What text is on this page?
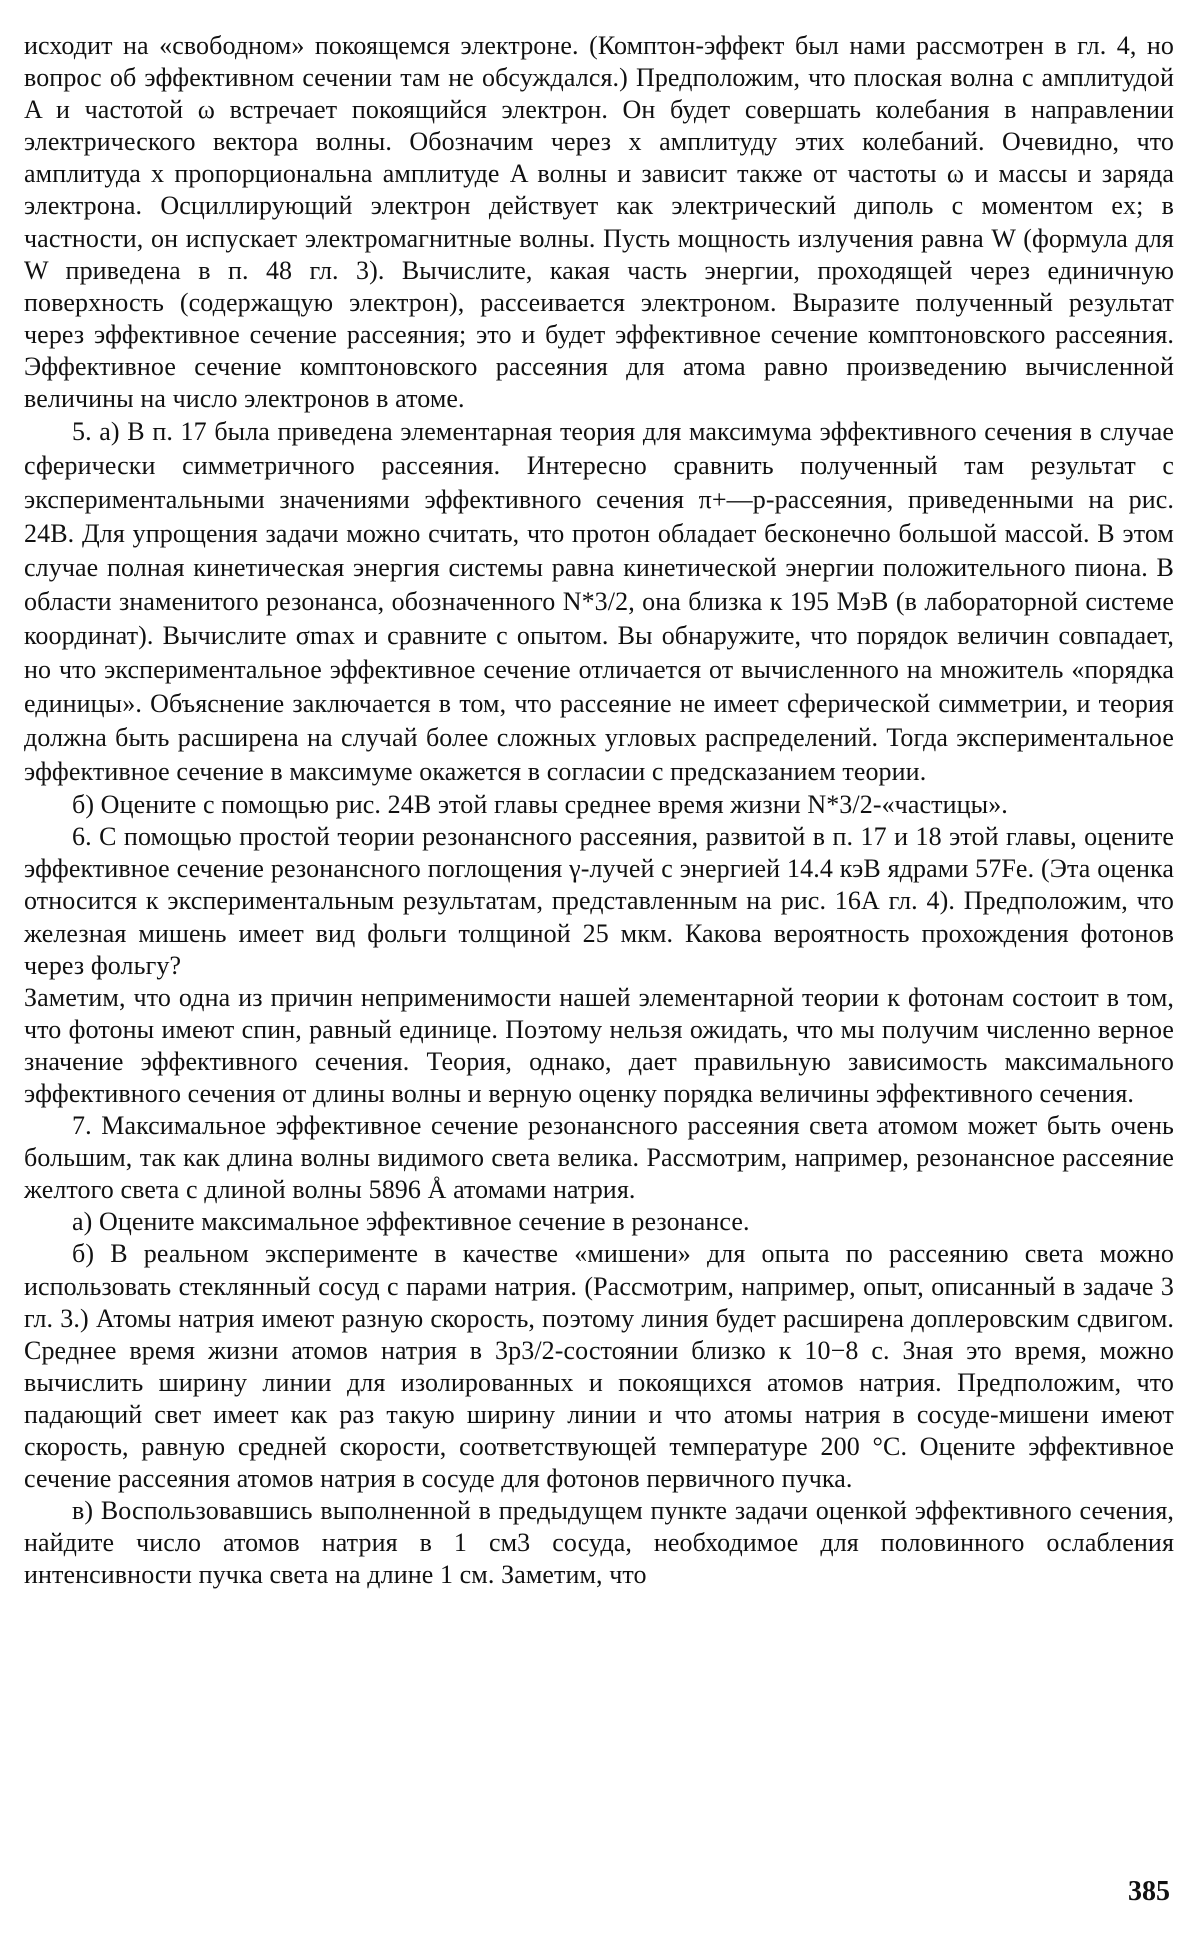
исходит на «свободном» покоящемся электроне. (Комптон-эффект был нами рассмотрен в гл. 4, но вопрос об эффективном сечении там не обсуждался.) Предположим, что плоская волна с амплитудой A и частотой ω встречает покоящийся электрон. Он будет совершать колебания в направлении электрического вектора волны. Обозначим через x амплитуду этих колебаний. Очевидно, что амплитуда x пропорциональна амплитуде A волны и зависит также от частоты ω и массы и заряда электрона. Осциллирующий электрон действует как электрический диполь с моментом ex; в частности, он испускает электромагнитные волны. Пусть мощность излучения равна W (формула для W приведена в п. 48 гл. 3). Вычислите, какая часть энергии, проходящей через единичную поверхность (содержащую электрон), рассеивается электроном. Выразите полученный результат через эффективное сечение рассеяния; это и будет эффективное сечение комптоновского рассеяния. Эффективное сечение комптоновского рассеяния для атома равно произведению вычисленной величины на число электронов в атоме.

5. а) В п. 17 была приведена элементарная теория для максимума эффективного сечения в случае сферически симметричного рассеяния. Интересно сравнить полученный там результат с экспериментальными значениями эффективного сечения π+—p-рассеяния, приведенными на рис. 24В. Для упрощения задачи можно считать, что протон обладает бесконечно большой массой. В этом случае полная кинетическая энергия системы равна кинетической энергии положительного пиона. В области знаменитого резонанса, обозначенного N*3/2, она близка к 195 МэВ (в лабораторной системе координат). Вычислите σmax и сравните с опытом. Вы обнаружите, что порядок величин совпадает, но что экспериментальное эффективное сечение отличается от вычисленного на множитель «порядка единицы». Объяснение заключается в том, что рассеяние не имеет сферической симметрии, и теория должна быть расширена на случай более сложных угловых распределений. Тогда экспериментальное эффективное сечение в максимуме окажется в согласии с предсказанием теории.

б) Оцените с помощью рис. 24В этой главы среднее время жизни N*3/2-«частицы».

6. С помощью простой теории резонансного рассеяния, развитой в п. 17 и 18 этой главы, оцените эффективное сечение резонансного поглощения γ-лучей с энергией 14.4 кэВ ядрами 57Fe. (Эта оценка относится к экспериментальным результатам, представленным на рис. 16А гл. 4). Предположим, что железная мишень имеет вид фольги толщиной 25 мкм. Какова вероятность прохождения фотонов через фольгу?

Заметим, что одна из причин неприменимости нашей элементарной теории к фотонам состоит в том, что фотоны имеют спин, равный единице. Поэтому нельзя ожидать, что мы получим численно верное значение эффективного сечения. Теория, однако, дает правильную зависимость максимального эффективного сечения от длины волны и верную оценку порядка величины эффективного сечения.

7. Максимальное эффективное сечение резонансного рассеяния света атомом может быть очень большим, так как длина волны видимого света велика. Рассмотрим, например, резонансное рассеяние желтого света с длиной волны 5896 Å атомами натрия.

а) Оцените максимальное эффективное сечение в резонансе.

б) В реальном эксперименте в качестве «мишени» для опыта по рассеянию света можно использовать стеклянный сосуд с парами натрия. (Рассмотрим, например, опыт, описанный в задаче 3 гл. 3.) Атомы натрия имеют разную скорость, поэтому линия будет расширена доплеровским сдвигом. Среднее время жизни атомов натрия в 3p3/2-состоянии близко к 10−8 с. Зная это время, можно вычислить ширину линии для изолированных и покоящихся атомов натрия. Предположим, что падающий свет имеет как раз такую ширину линии и что атомы натрия в сосуде-мишени имеют скорость, равную средней скорости, соответствующей температуре 200 °С. Оцените эффективное сечение рассеяния атомов натрия в сосуде для фотонов первичного пучка.

в) Воспользовавшись выполненной в предыдущем пункте задачи оценкой эффективного сечения, найдите число атомов натрия в 1 см3 сосуда, необходимое для половинного ослабления интенсивности пучка света на длине 1 см. Заметим, что

385
